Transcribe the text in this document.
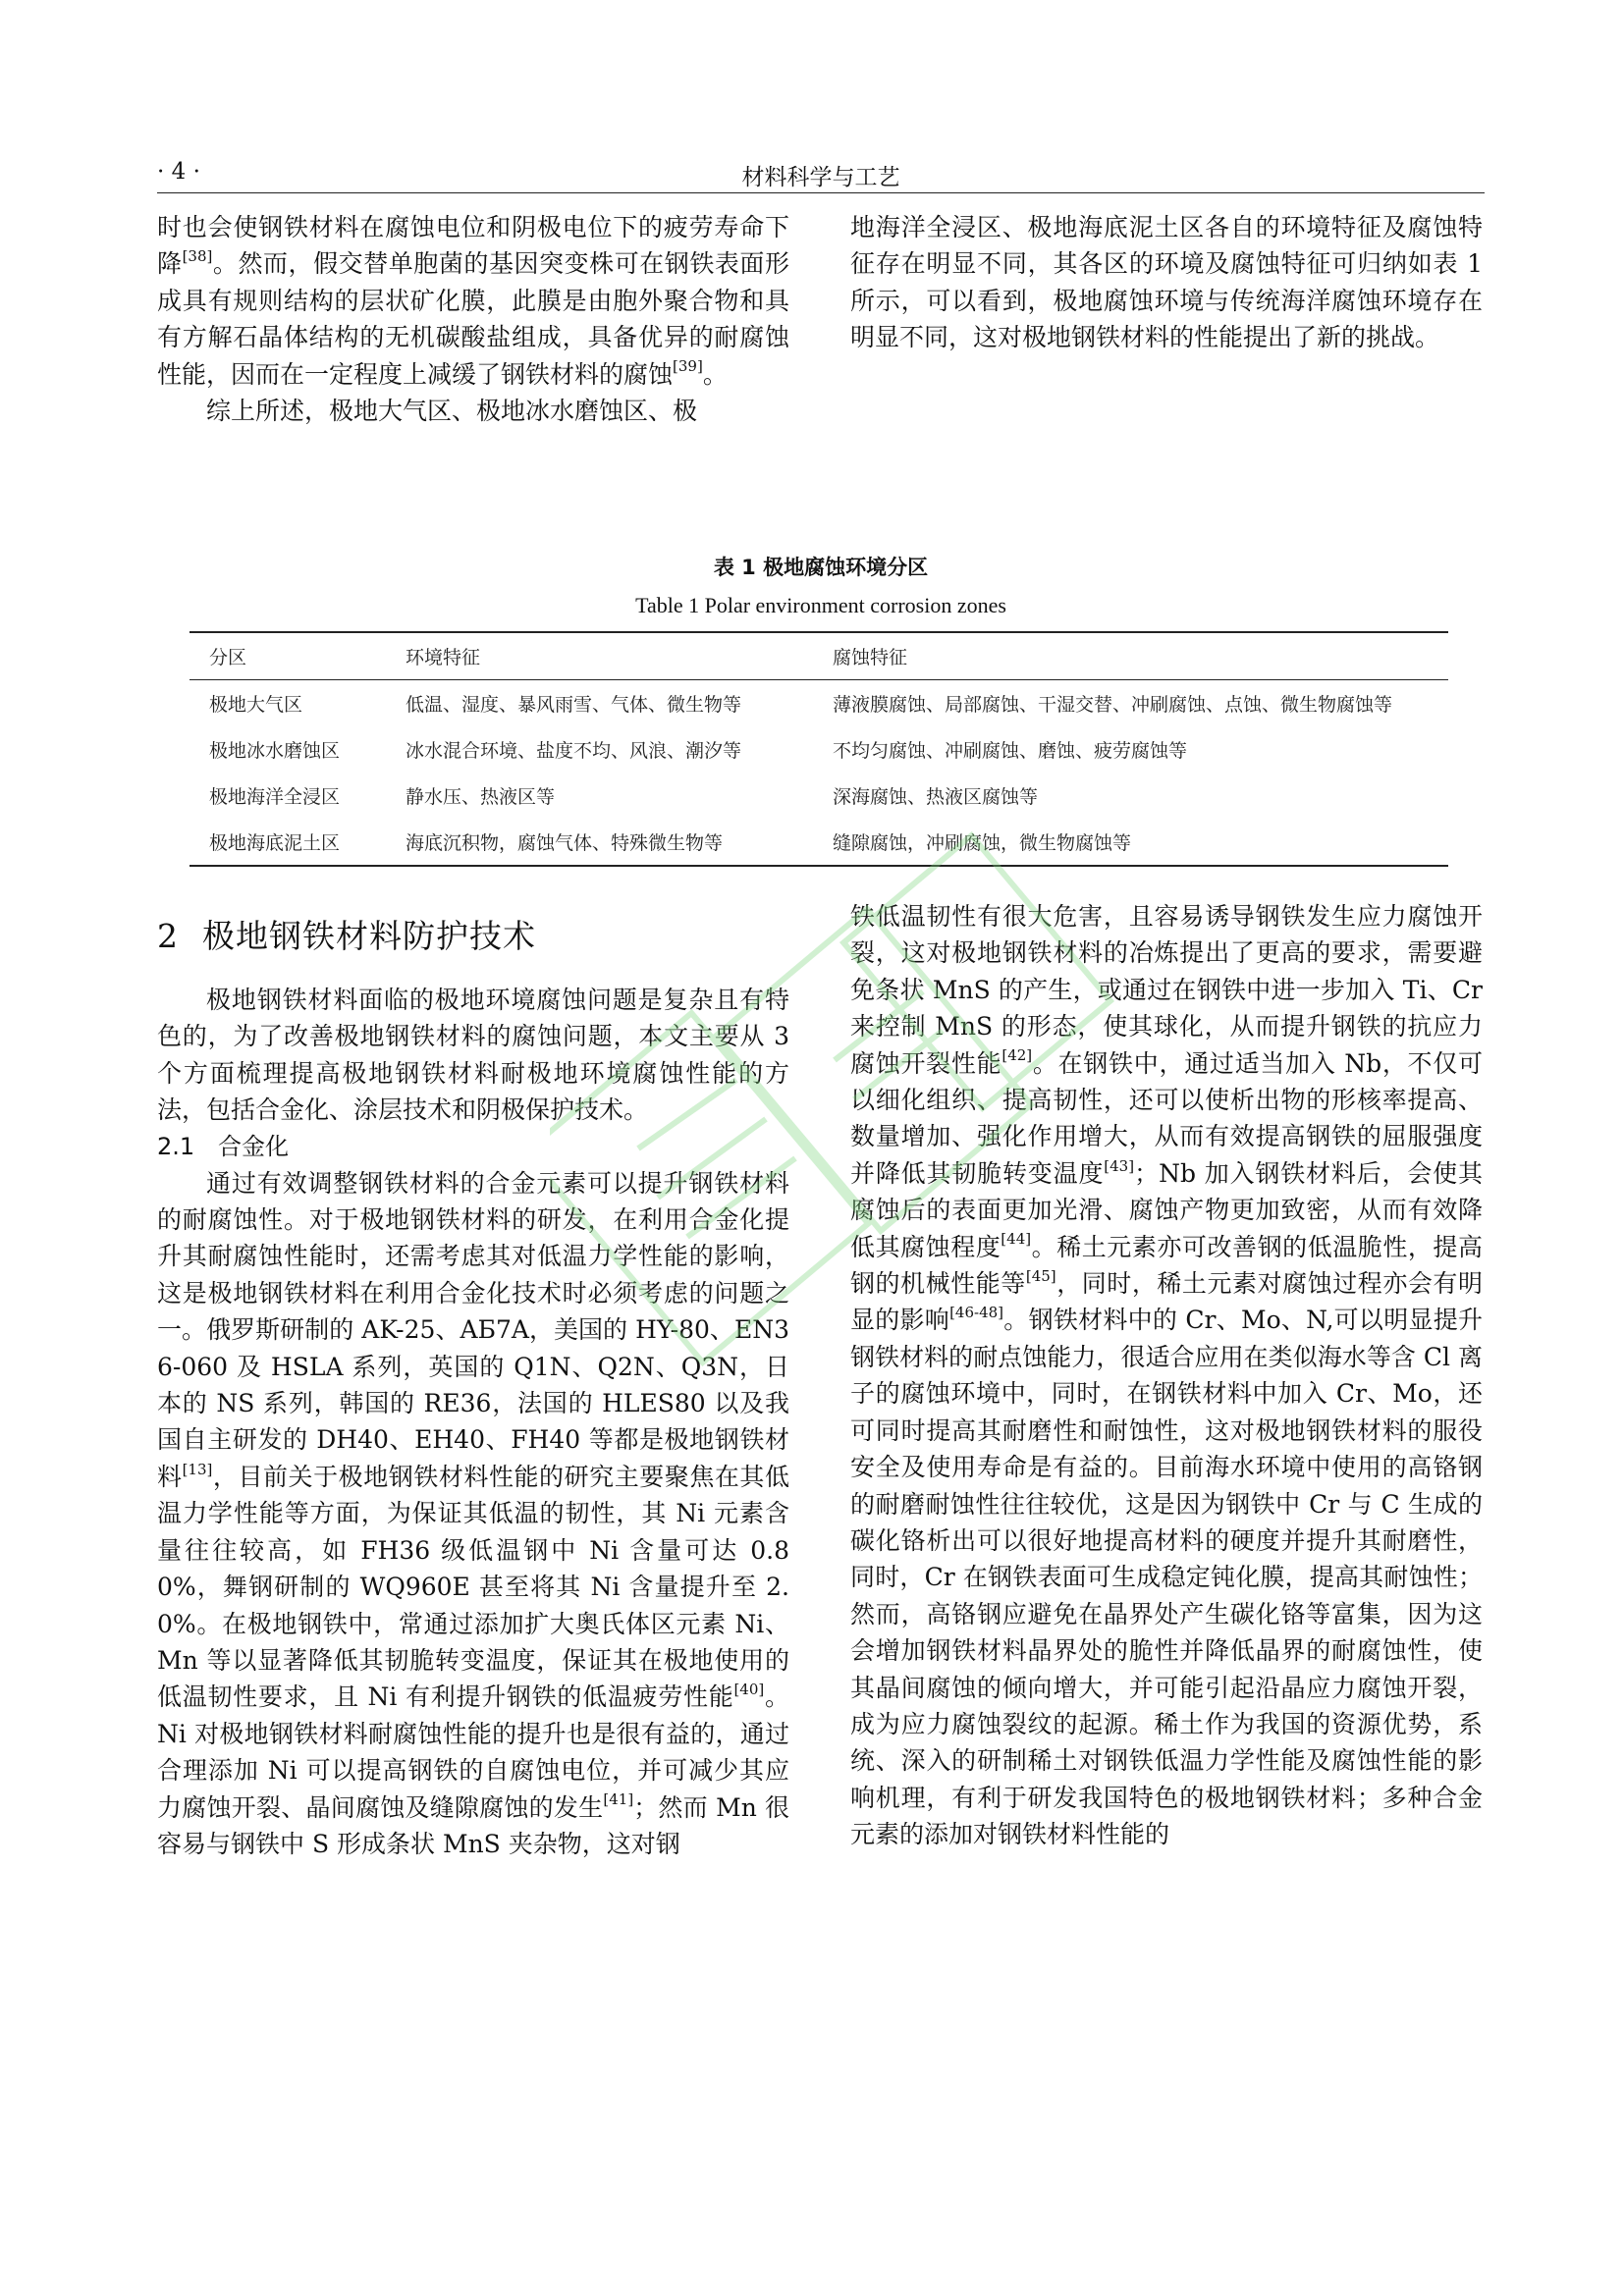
· 4 ·	材料科学与工艺

时也会使钢铁材料在腐蚀电位和阴极电位下的疲劳寿命下降[38]。然而，假交替单胞菌的基因突变株可在钢铁表面形成具有规则结构的层状矿化膜，此膜是由胞外聚合物和具有方解石晶体结构的无机碳酸盐组成，具备优异的耐腐蚀性能，因而在一定程度上减缓了钢铁材料的腐蚀[39]。

综上所述，极地大气区、极地冰水磨蚀区、极

地海洋全浸区、极地海底泥土区各自的环境特征及腐蚀特征存在明显不同，其各区的环境及腐蚀特征可归纳如表 1 所示，可以看到，极地腐蚀环境与传统海洋腐蚀环境存在明显不同，这对极地钢铁材料的性能提出了新的挑战。

表 1 极地腐蚀环境分区
Table 1 Polar environment corrosion zones
分区	环境特征	腐蚀特征
极地大气区	低温、湿度、暴风雨雪、气体、微生物等	薄液膜腐蚀、局部腐蚀、干湿交替、冲刷腐蚀、点蚀、微生物腐蚀等
极地冰水磨蚀区	冰水混合环境、盐度不均、风浪、潮汐等	不均匀腐蚀、冲刷腐蚀、磨蚀、疲劳腐蚀等
极地海洋全浸区	静水压、热液区等	深海腐蚀、热液区腐蚀等
极地海底泥土区	海底沉积物，腐蚀气体、特殊微生物等	缝隙腐蚀，冲刷腐蚀，微生物腐蚀等
2 极地钢铁材料防护技术

极地钢铁材料面临的极地环境腐蚀问题是复杂且有特色的，为了改善极地钢铁材料的腐蚀问题，本文主要从 3 个方面梳理提高极地钢铁材料耐极地环境腐蚀性能的方法，包括合金化、涂层技术和阴极保护技术。

2.1 合金化

通过有效调整钢铁材料的合金元素可以提升钢铁材料的耐腐蚀性。对于极地钢铁材料的研发，在利用合金化提升其耐腐蚀性能时，还需考虑其对低温力学性能的影响，这是极地钢铁材料在利用合金化技术时必须考虑的问题之一。俄罗斯研制的 AK-25、AБ7A，美国的 HY-80、EN36-060 及 HSLA 系列，英国的 Q1N、Q2N、Q3N，日本的 NS 系列，韩国的 RE36，法国的 HLES80 以及我国自主研发的 DH40、EH40、FH40 等都是极地钢铁材料[13]，目前关于极地钢铁材料性能的研究主要聚焦在其低温力学性能等方面，为保证其低温的韧性，其 Ni 元素含量往往较高，如 FH36 级低温钢中 Ni 含量可达 0.80%，舞钢研制的 WQ960E 甚至将其 Ni 含量提升至 2.0%。在极地钢铁中，常通过添加扩大奥氏体区元素 Ni、Mn 等以显著降低其韧脆转变温度，保证其在极地使用的低温韧性要求，且 Ni 有利提升钢铁的低温疲劳性能[40]。Ni 对极地钢铁材料耐腐蚀性能的提升也是很有益的，通过合理添加 Ni 可以提高钢铁的自腐蚀电位，并可减少其应力腐蚀开裂、晶间腐蚀及缝隙腐蚀的发生[41]；然而 Mn 很容易与钢铁中 S 形成条状 MnS 夹杂物，这对钢

铁低温韧性有很大危害，且容易诱导钢铁发生应力腐蚀开裂，这对极地钢铁材料的冶炼提出了更高的要求，需要避免条状 MnS 的产生，或通过在钢铁中进一步加入 Ti、Cr 来控制 MnS 的形态，使其球化，从而提升钢铁的抗应力腐蚀开裂性能[42]。在钢铁中，通过适当加入 Nb，不仅可以细化组织、提高韧性，还可以使析出物的形核率提高、数量增加、强化作用增大，从而有效提高钢铁的屈服强度并降低其韧脆转变温度[43]；Nb 加入钢铁材料后，会使其腐蚀后的表面更加光滑、腐蚀产物更加致密，从而有效降低其腐蚀程度[44]。稀土元素亦可改善钢的低温脆性，提高钢的机械性能等[45]，同时，稀土元素对腐蚀过程亦会有明显的影响[46-48]。钢铁材料中的 Cr、Mo、N,可以明显提升钢铁材料的耐点蚀能力，很适合应用在类似海水等含 Cl 离子的腐蚀环境中，同时，在钢铁材料中加入 Cr、Mo，还可同时提高其耐磨性和耐蚀性，这对极地钢铁材料的服役安全及使用寿命是有益的。目前海水环境中使用的高铬钢的耐磨耐蚀性往往较优，这是因为钢铁中 Cr 与 C 生成的碳化铬析出可以很好地提高材料的硬度并提升其耐磨性，同时，Cr 在钢铁表面可生成稳定钝化膜，提高其耐蚀性；然而，高铬钢应避免在晶界处产生碳化铬等富集，因为这会增加钢铁材料晶界处的脆性并降低晶界的耐腐蚀性，使其晶间腐蚀的倾向增大，并可能引起沿晶应力腐蚀开裂，成为应力腐蚀裂纹的起源。稀土作为我国的资源优势，系统、深入的研制稀土对钢铁低温力学性能及腐蚀性能的影响机理，有利于研发我国特色的极地钢铁材料；多种合金元素的添加对钢铁材料性能的
